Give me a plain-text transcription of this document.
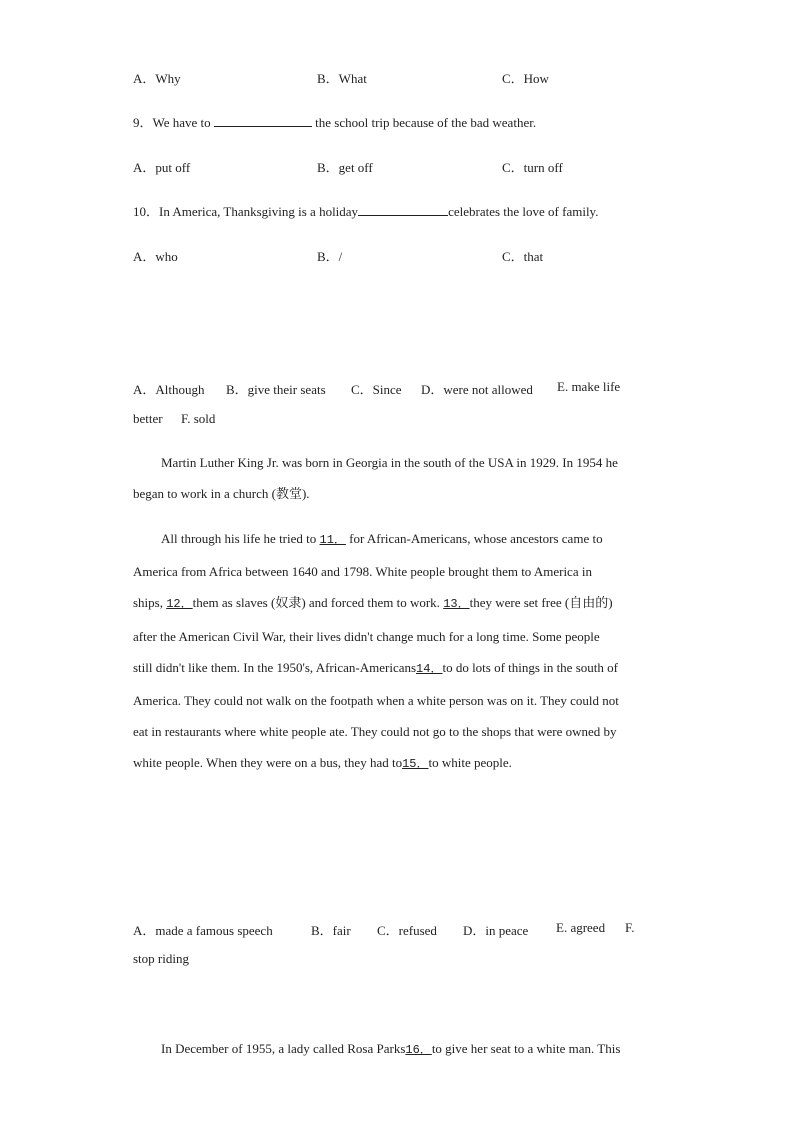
A．Why	B．What	C．How
9．We have to	the school trip because of the bad weather.
A．put off	B．get off	C．turn off
10．In America, Thanksgiving is a holiday	celebrates the love of family.
A．who	B．/	C．that
A．Although B．give their seats C．Since D．were not allowed E. make life
better F. sold
Martin Luther King Jr. was born in Georgia in the south of the USA in 1929. In 1954 he
began to work in a church (教堂).
All through his life he tried to 11． for African-Americans, whose ancestors came to
America from Africa between 1640 and 1798. White people brought them to America in
ships, 12．them as slaves (奴隶) and forced them to work. 13．they were set free (自由的)
after the American Civil War, their lives didn't change much for a long time. Some people
still didn't like them. In the 1950's, African-Americans14．to do lots of things in the south of
America. They could not walk on the footpath when a white person was on it. They could not
eat in restaurants where white people ate. They could not go to the shops that were owned by
white people. When they were on a bus, they had to15．to white people.
A．made a famous speech	B．fair C．refused D．in peace E. agreed F.
stop riding
In December of 1955, a lady called Rosa Parks16．to give her seat to a white man. This
